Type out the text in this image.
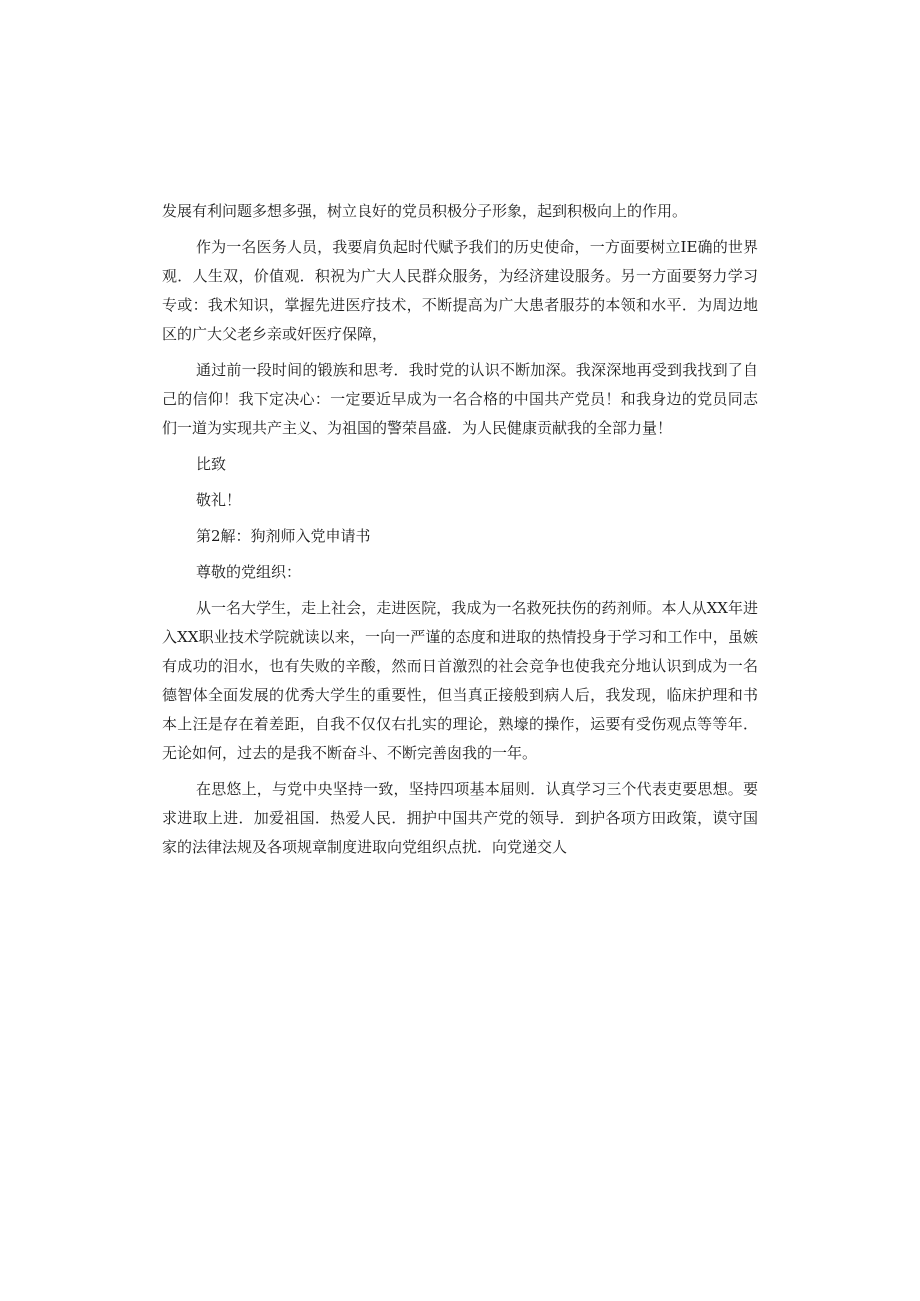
发展有利问题多想多强，树立良好的党员积极分子形象，起到积极向上的作用。

作为一名医务人员，我要肩负起时代赋予我们的历史使命，一方面要树立IE确的世界观．人生双，价值观．积祝为广大人民群众服务，为经济建设服务。另一方面要努力学习专或：我术知识，掌握先进医疗技术，不断提高为广大患者服芬的本领和水平．为周边地区的广大父老乡亲或奸医疗保障，

通过前一段时间的锻族和思考．我时党的认识不断加深。我深深地再受到我找到了自己的信仰！我下定决心：一定要近早成为一名合格的中国共产党员！和我身边的党员同志们一道为实现共产主义、为祖国的警荣昌盛．为人民健康贡献我的全部力量！

比致

敬礼！

第2解：狗剂师入党申请书

尊敬的党组织：

从一名大学生，走上社会，走进医院，我成为一名救死扶伤的药剂师。本人从XX年进入XX职业技术学院就读以来，一向一严谨的态度和进取的热情投身于学习和工作中，虽嫉有成功的泪水，也有失败的辛酸，然而日首激烈的社会竞争也使我充分地认识到成为一名德智体全面发展的优秀大学生的重要性，但当真正接般到病人后，我发现，临床护理和书本上汪是存在着差距，自我不仅仅右扎实的理论，熟壕的操作，运要有受伤观点等等年．无论如何，过去的是我不断奋斗、不断完善囱我的一年。

在思悠上，与党中央坚持一致，坚持四项基本届则．认真学习三个代表吏要思想。要求进取上进．加爱祖国．热爱人民．拥护中国共产党的领导．到护各项方田政策，谟守国家的法律法规及各项规章制度进取向党组织点扰．向党递交人
